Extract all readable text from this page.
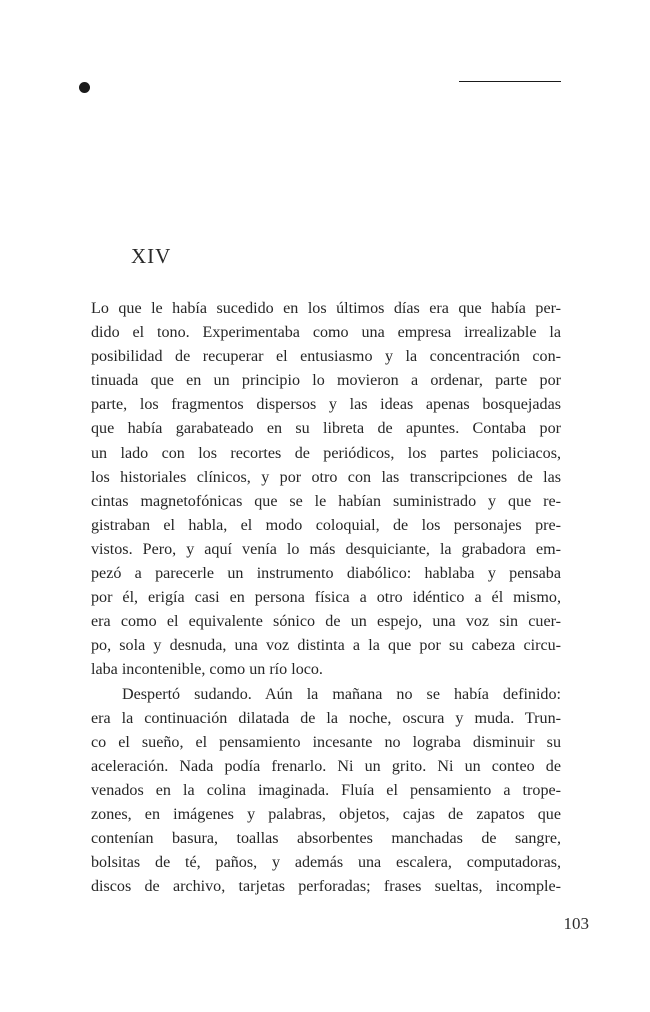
XIV
Lo que le había sucedido en los últimos días era que había per-
dido el tono. Experimentaba como una empresa irrealizable la
posibilidad de recuperar el entusiasmo y la concentración con-
tinuada que en un principio lo movieron a ordenar, parte por
parte, los fragmentos dispersos y las ideas apenas bosquejadas
que había garabateado en su libreta de apuntes. Contaba por
un lado con los recortes de periódicos, los partes policiacos,
los historiales clínicos, y por otro con las transcripciones de las
cintas magnetofónicas que se le habían suministrado y que re-
gistraban el habla, el modo coloquial, de los personajes pre-
vistos. Pero, y aquí venía lo más desquiciante, la grabadora em-
pezó a parecerle un instrumento diabólico: hablaba y pensaba
por él, erigía casi en persona física a otro idéntico a él mismo,
era como el equivalente sónico de un espejo, una voz sin cuer-
po, sola y desnuda, una voz distinta a la que por su cabeza circu-
laba incontenible, como un río loco.
Despertó sudando. Aún la mañana no se había definido:
era la continuación dilatada de la noche, oscura y muda. Trun-
co el sueño, el pensamiento incesante no lograba disminuir su
aceleración. Nada podía frenarlo. Ni un grito. Ni un conteo de
venados en la colina imaginada. Fluía el pensamiento a trope-
zones, en imágenes y palabras, objetos, cajas de zapatos que
contenían basura, toallas absorbentes manchadas de sangre,
bolsitas de té, paños, y además una escalera, computadoras,
discos de archivo, tarjetas perforadas; frases sueltas, incomple-
103
